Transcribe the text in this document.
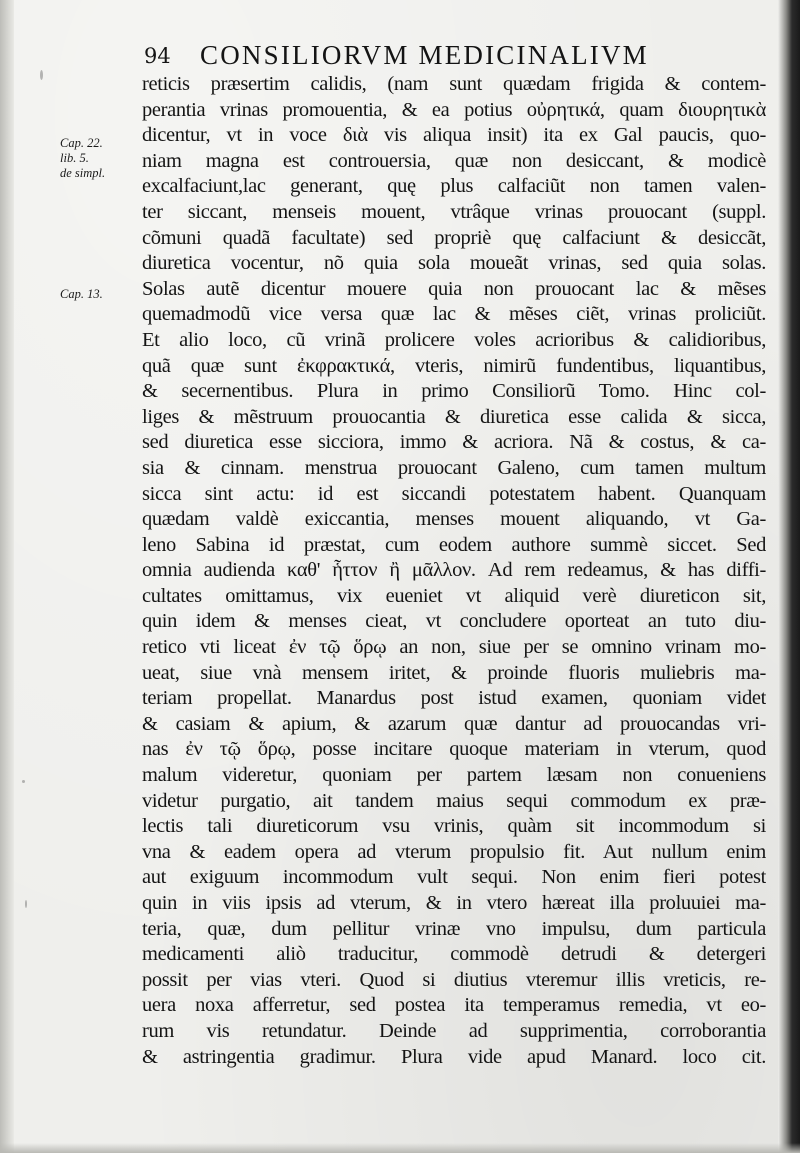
94 CONSILIORVM MEDICINALIVM
Cap. 22.
lib. 5.
de simpl.
Cap. 13.
reticis præsertim calidis, (nam sunt quædam frigida & contem-
perantia vrinas promouentia, & ea potius οὐρητικά, quam διουρητικὰ
dicentur, vt in voce διὰ vis aliqua insit) ita ex Gal paucis, quo-
niam magna est controuersia, quæ non desiccant, & modicè
excalfaciunt,lac generant, quę plus calfaciũt non tamen valen-
ter siccant, menseis mouent, vtrâque vrinas prouocant (suppl.
cõmuni quadã facultate) sed propriè quę calfaciunt & desiccãt,
diuretica vocentur, nõ quia sola moueãt vrinas, sed quia solas.
Solas autẽ dicentur mouere quia non prouocant lac & mẽses
quemadmodũ vice versa quæ lac & mẽses ciẽt, vrinas proliciũt.
Et alio loco, cũ vrinã prolicere voles acrioribus & calidioribus,
quã quæ sunt ἐκφρακτικά, vteris, nimirũ fundentibus, liquantibus,
& secernentibus. Plura in primo Consiliorũ Tomo. Hinc col-
liges & mẽstruum prouocantia & diuretica esse calida & sicca,
sed diuretica esse sicciora, immo & acriora. Nã & costus, & ca-
sia & cinnam. menstrua prouocant Galeno, cum tamen multum
sicca sint actu: id est siccandi potestatem habent. Quanquam
quædam valdè exiccantia, menses mouent aliquando, vt Ga-
leno Sabina id præstat, cum eodem authore summè siccet. Sed
omnia audienda καθ' ἧττον ἢ μᾶλλον. Ad rem redeamus, & has diffi-
cultates omittamus, vix eueniet vt aliquid verè diureticon sit,
quin idem & menses cieat, vt concludere oporteat an tuto diu-
retico vti liceat ἐν τῷ ὅρῳ an non, siue per se omnino vrinam mo-
ueat, siue vnà mensem iritet, & proinde fluoris muliebris ma-
teriam propellat. Manardus post istud examen, quoniam videt
& casiam & apium, & azarum quæ dantur ad prouocandas vri-
nas ἐν τῷ ὅρῳ, posse incitare quoque materiam in vterum, quod
malum videretur, quoniam per partem læsam non conueniens
videtur purgatio, ait tandem maius sequi commodum ex præ-
lectis tali diureticorum vsu vrinis, quàm sit incommodum si
vna & eadem opera ad vterum propulsio fit. Aut nullum enim
aut exiguum incommodum vult sequi. Non enim fieri potest
quin in viis ipsis ad vterum, & in vtero hæreat illa proluuiei ma-
teria, quæ, dum pellitur vrinæ vno impulsu, dum particula
medicamenti aliò traducitur, commodè detrudi & detergeri
possit per vias vteri. Quod si diutius vteremur illis vreticis, re-
uera noxa afferretur, sed postea ita temperamus remedia, vt eo-
rum vis retundatur. Deinde ad supprimentia, corroborantia
& astringentia gradimur. Plura vide apud Manard. loco cit.
